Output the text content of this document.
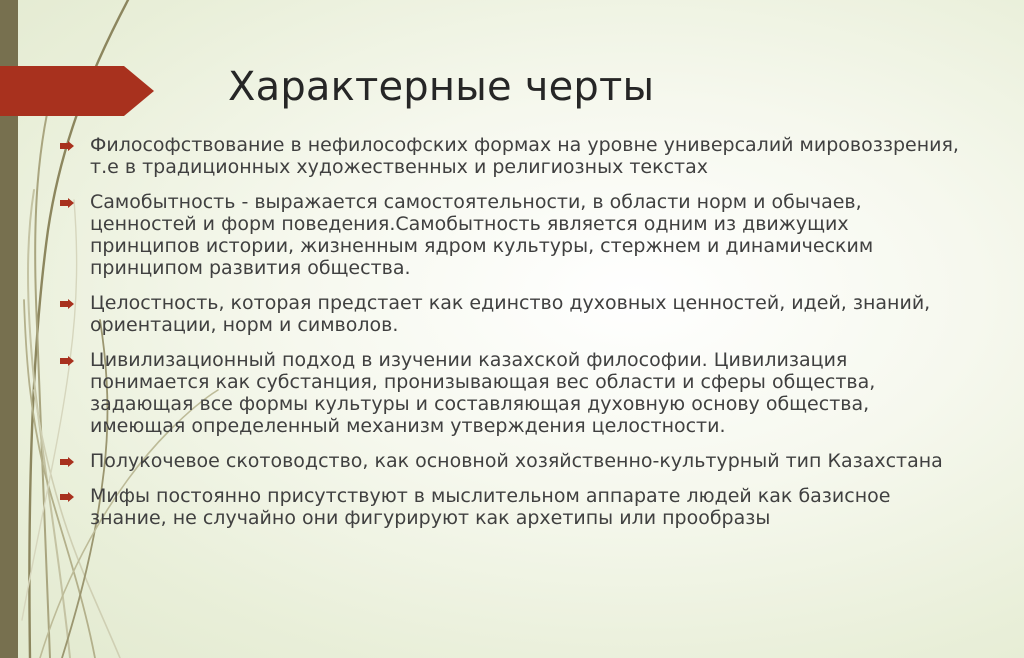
Характерные черты
Философствование в нефилософских формах на уровне универсалий мировоззрения, т.е в традиционных художественных и религиозных текстах
Самобытность - выражается самостоятельности, в области норм и обычаев, ценностей и форм поведения.Самобытность является одним из движущих принципов истории, жизненным ядром культуры, стержнем и динамическим принципом развития общества.
Целостность, которая предстает как единство духовных ценностей, идей, знаний, ориентации, норм и символов.
Цивилизационный подход в изучении казахской философии. Цивилизация понимается как субстанция, пронизывающая вес области и сферы общества, задающая все формы культуры и составляющая духовную основу общества, имеющая определенный механизм утверждения целостности.
Полукочевое скотоводство, как основной хозяйственно-культурный тип Казахстана
Мифы постоянно присутствуют в мыслительном аппарате людей как базисное знание, не случайно они фигурируют как архетипы или прообразы
